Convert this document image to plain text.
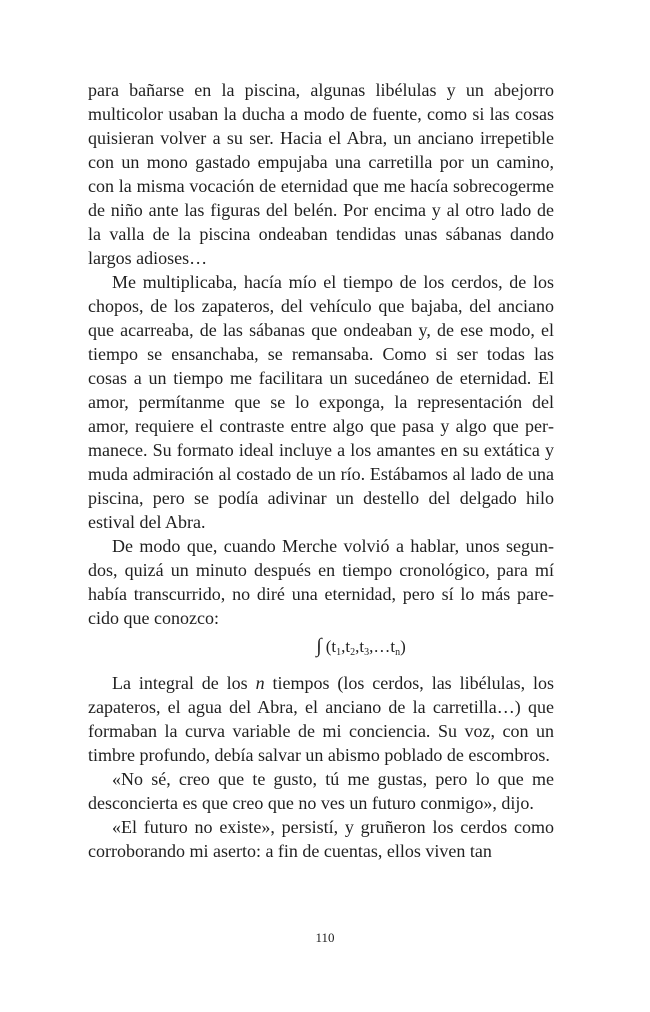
para bañarse en la piscina, algunas libélulas y un abejorro multicolor usaban la ducha a modo de fuente, como si las cosas quisieran volver a su ser. Hacia el Abra, un anciano irrepetible con un mono gastado empujaba una carretilla por un camino, con la misma vocación de eternidad que me hacía sobrecogerme de niño ante las figuras del belén. Por encima y al otro lado de la valla de la piscina ondeaban tendidas unas sábanas dando largos adioses…

Me multiplicaba, hacía mío el tiempo de los cerdos, de los chopos, de los zapateros, del vehículo que bajaba, del anciano que acarreaba, de las sábanas que ondeaban y, de ese modo, el tiempo se ensanchaba, se remansaba. Como si ser todas las cosas a un tiempo me facilitara un sucedáneo de eternidad. El amor, permítanme que se lo exponga, la representación del amor, requiere el contraste entre algo que pasa y algo que permanece. Su formato ideal incluye a los amantes en su extática y muda admiración al costado de un río. Estábamos al lado de una piscina, pero se podía adivinar un destello del delgado hilo estival del Abra.

De modo que, cuando Merche volvió a hablar, unos segundos, quizá un minuto después en tiempo cronológico, para mí había transcurrido, no diré una eternidad, pero sí lo más parecido que conozco:

∫ $(t_1,t_2,t_3,\dots t_n)$

La integral de los n tiempos (los cerdos, las libélulas, los zapateros, el agua del Abra, el anciano de la carretilla…) que formaban la curva variable de mi conciencia. Su voz, con un timbre profundo, debía salvar un abismo poblado de escombros.

«No sé, creo que te gusto, tú me gustas, pero lo que me desconcierta es que creo que no ves un futuro conmigo», dijo.

«El futuro no existe», persistí, y gruñeron los cerdos como corroborando mi aserto: a fin de cuentas, ellos viven tan

110
